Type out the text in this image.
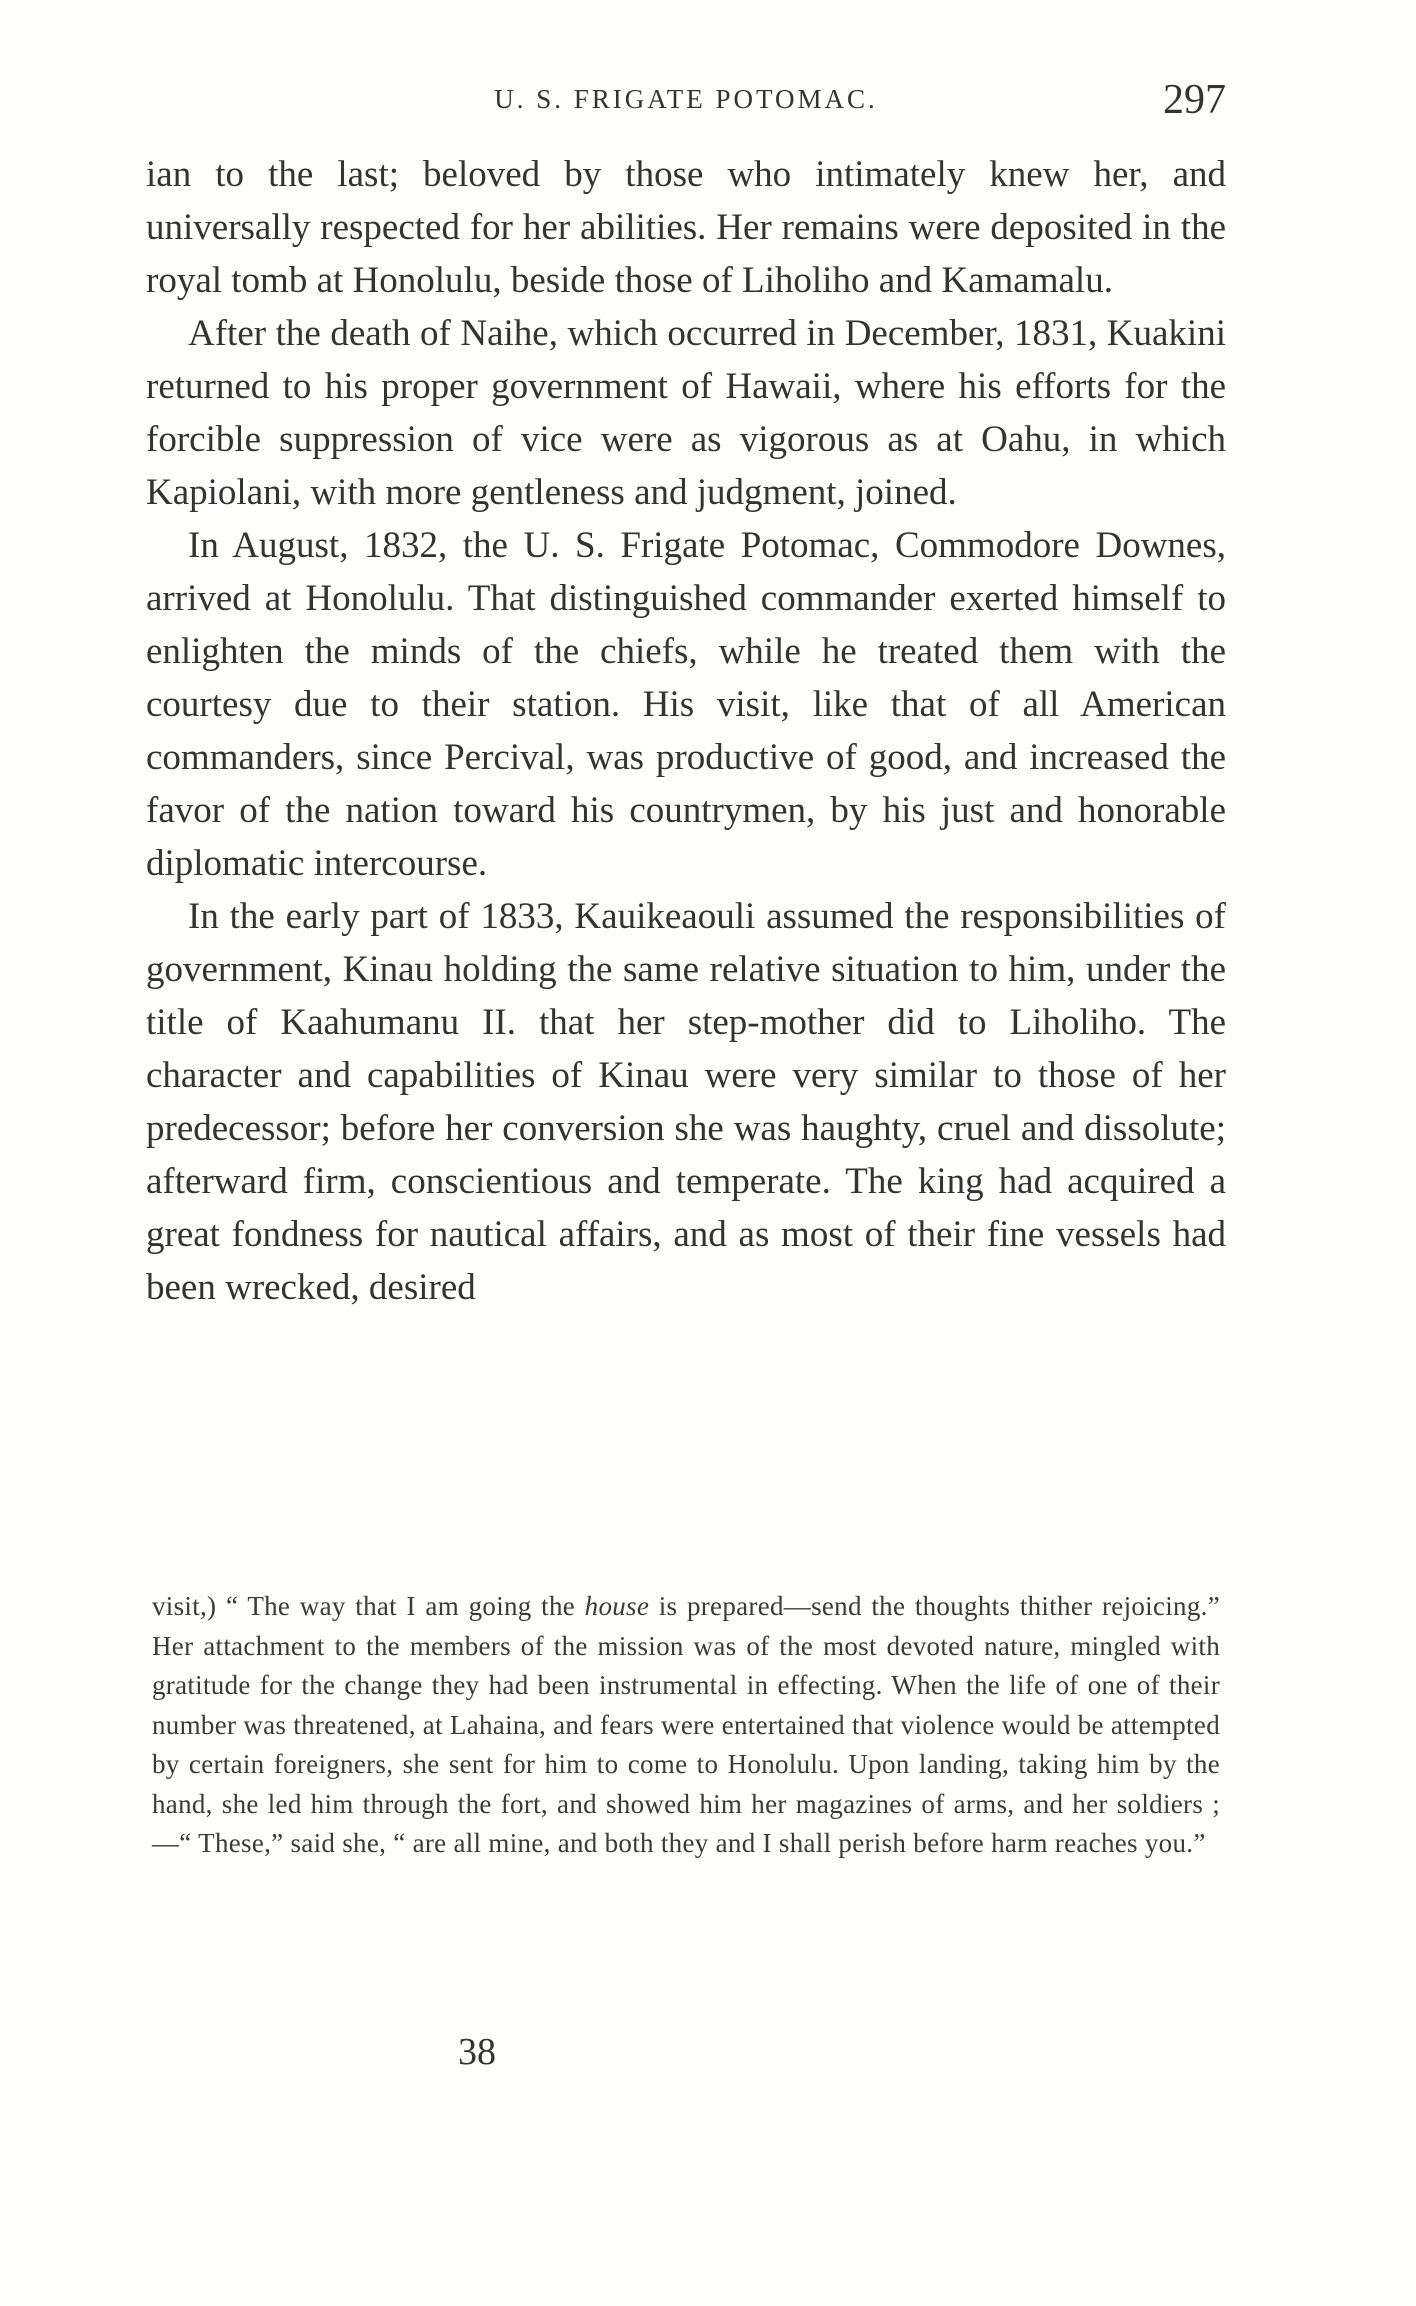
U. S. FRIGATE POTOMAC.	297

ian to the last; beloved by those who intimately knew her, and universally respected for her abilities. Her remains were deposited in the royal tomb at Honolulu, beside those of Liholiho and Kamamalu.

After the death of Naihe, which occurred in December, 1831, Kuakini returned to his proper government of Hawaii, where his efforts for the forcible suppression of vice were as vigorous as at Oahu, in which Kapiolani, with more gentleness and judgment, joined.

In August, 1832, the U. S. Frigate Potomac, Commodore Downes, arrived at Honolulu. That distinguished commander exerted himself to enlighten the minds of the chiefs, while he treated them with the courtesy due to their station. His visit, like that of all American commanders, since Percival, was productive of good, and increased the favor of the nation toward his countrymen, by his just and honorable diplomatic intercourse.

In the early part of 1833, Kauikeaouli assumed the responsibilities of government, Kinau holding the same relative situation to him, under the title of Kaahumanu II. that her step-mother did to Liholiho. The character and capabilities of Kinau were very similar to those of her predecessor; before her conversion she was haughty, cruel and dissolute; afterward firm, conscientious and temperate. The king had acquired a great fondness for nautical affairs, and as most of their fine vessels had been wrecked, desired

visit,) “ The way that I am going the house is prepared—send the thoughts thither rejoicing.” Her attachment to the members of the mission was of the most devoted nature, mingled with gratitude for the change they had been instrumental in effecting. When the life of one of their number was threatened, at Lahaina, and fears were entertained that violence would be attempted by certain foreigners, she sent for him to come to Honolulu. Upon landing, taking him by the hand, she led him through the fort, and showed him her magazines of arms, and her soldiers ;—“ These,” said she, “ are all mine, and both they and I shall perish before harm reaches you.”

38
